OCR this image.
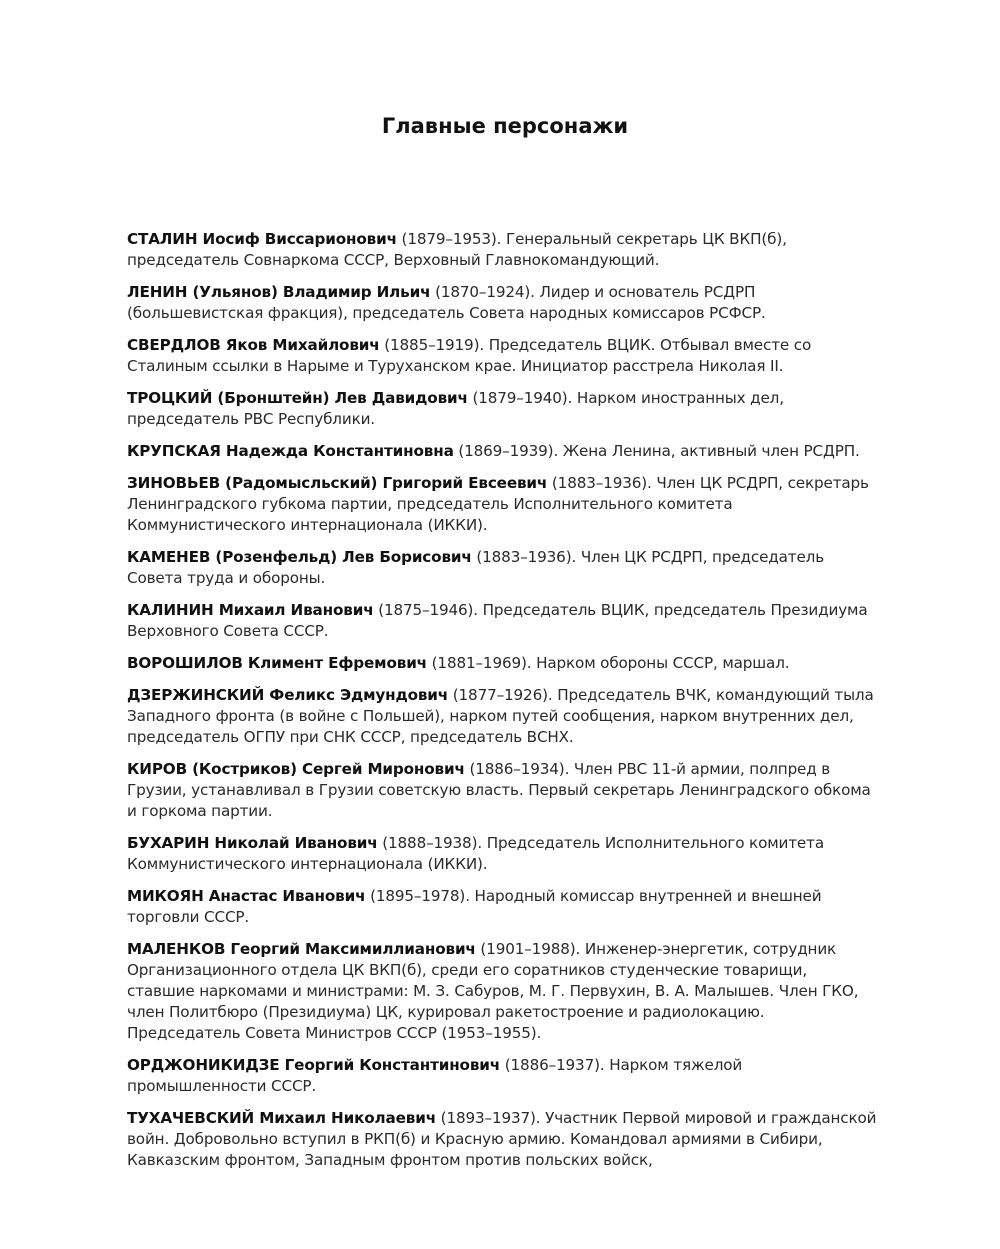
Главные персонажи

СТАЛИН Иосиф Виссарионович (1879–1953). Генеральный секретарь ЦК ВКП(б), председатель Совнаркома СССР, Верховный Главнокомандующий.

ЛЕНИН (Ульянов) Владимир Ильич (1870–1924). Лидер и основатель РСДРП (большевистская фракция), председатель Совета народных комиссаров РСФСР.

СВЕРДЛОВ Яков Михайлович (1885–1919). Председатель ВЦИК. Отбывал вместе со Сталиным ссылки в Нарыме и Туруханском крае. Инициатор расстрела Николая II.

ТРОЦКИЙ (Бронштейн) Лев Давидович (1879–1940). Нарком иностранных дел, председатель РВС Республики.

КРУПСКАЯ Надежда Константиновна (1869–1939). Жена Ленина, активный член РСДРП.

ЗИНОВЬЕВ (Радомысльский) Григорий Евсеевич (1883–1936). Член ЦК РСДРП, секретарь Ленинградского губкома партии, председатель Исполнительного комитета Коммунистического интернационала (ИККИ).

КАМЕНЕВ (Розенфельд) Лев Борисович (1883–1936). Член ЦК РСДРП, председатель Совета труда и обороны.

КАЛИНИН Михаил Иванович (1875–1946). Председатель ВЦИК, председатель Президиума Верховного Совета СССР.

ВОРОШИЛОВ Климент Ефремович (1881–1969). Нарком обороны СССР, маршал.

ДЗЕРЖИНСКИЙ Феликс Эдмундович (1877–1926). Председатель ВЧК, командующий тыла Западного фронта (в войне с Польшей), нарком путей сообщения, нарком внутренних дел, председатель ОГПУ при СНК СССР, председатель ВСНХ.

КИРОВ (Костриков) Сергей Миронович (1886–1934). Член РВС 11-й армии, полпред в Грузии, устанавливал в Грузии советскую власть. Первый секретарь Ленинградского обкома и горкома партии.

БУХАРИН Николай Иванович (1888–1938). Председатель Исполнительного комитета Коммунистического интернационала (ИККИ).

МИКОЯН Анастас Иванович (1895–1978). Народный комиссар внутренней и внешней торговли СССР.

МАЛЕНКОВ Георгий Максимиллианович (1901–1988). Инженер-энергетик, сотрудник Организационного отдела ЦК ВКП(б), среди его соратников студенческие товарищи, ставшие наркомами и министрами: М. З. Сабуров, М. Г. Первухин, В. А. Малышев. Член ГКО, член Политбюро (Президиума) ЦК, курировал ракетостроение и радиолокацию. Председатель Совета Министров СССР (1953–1955).

ОРДЖОНИКИДЗЕ Георгий Константинович (1886–1937). Нарком тяжелой промышленности СССР.

ТУХАЧЕВСКИЙ Михаил Николаевич (1893–1937). Участник Первой мировой и гражданской войн. Добровольно вступил в РКП(б) и Красную армию. Командовал армиями в Сибири, Кавказским фронтом, Западным фронтом против польских войск,
